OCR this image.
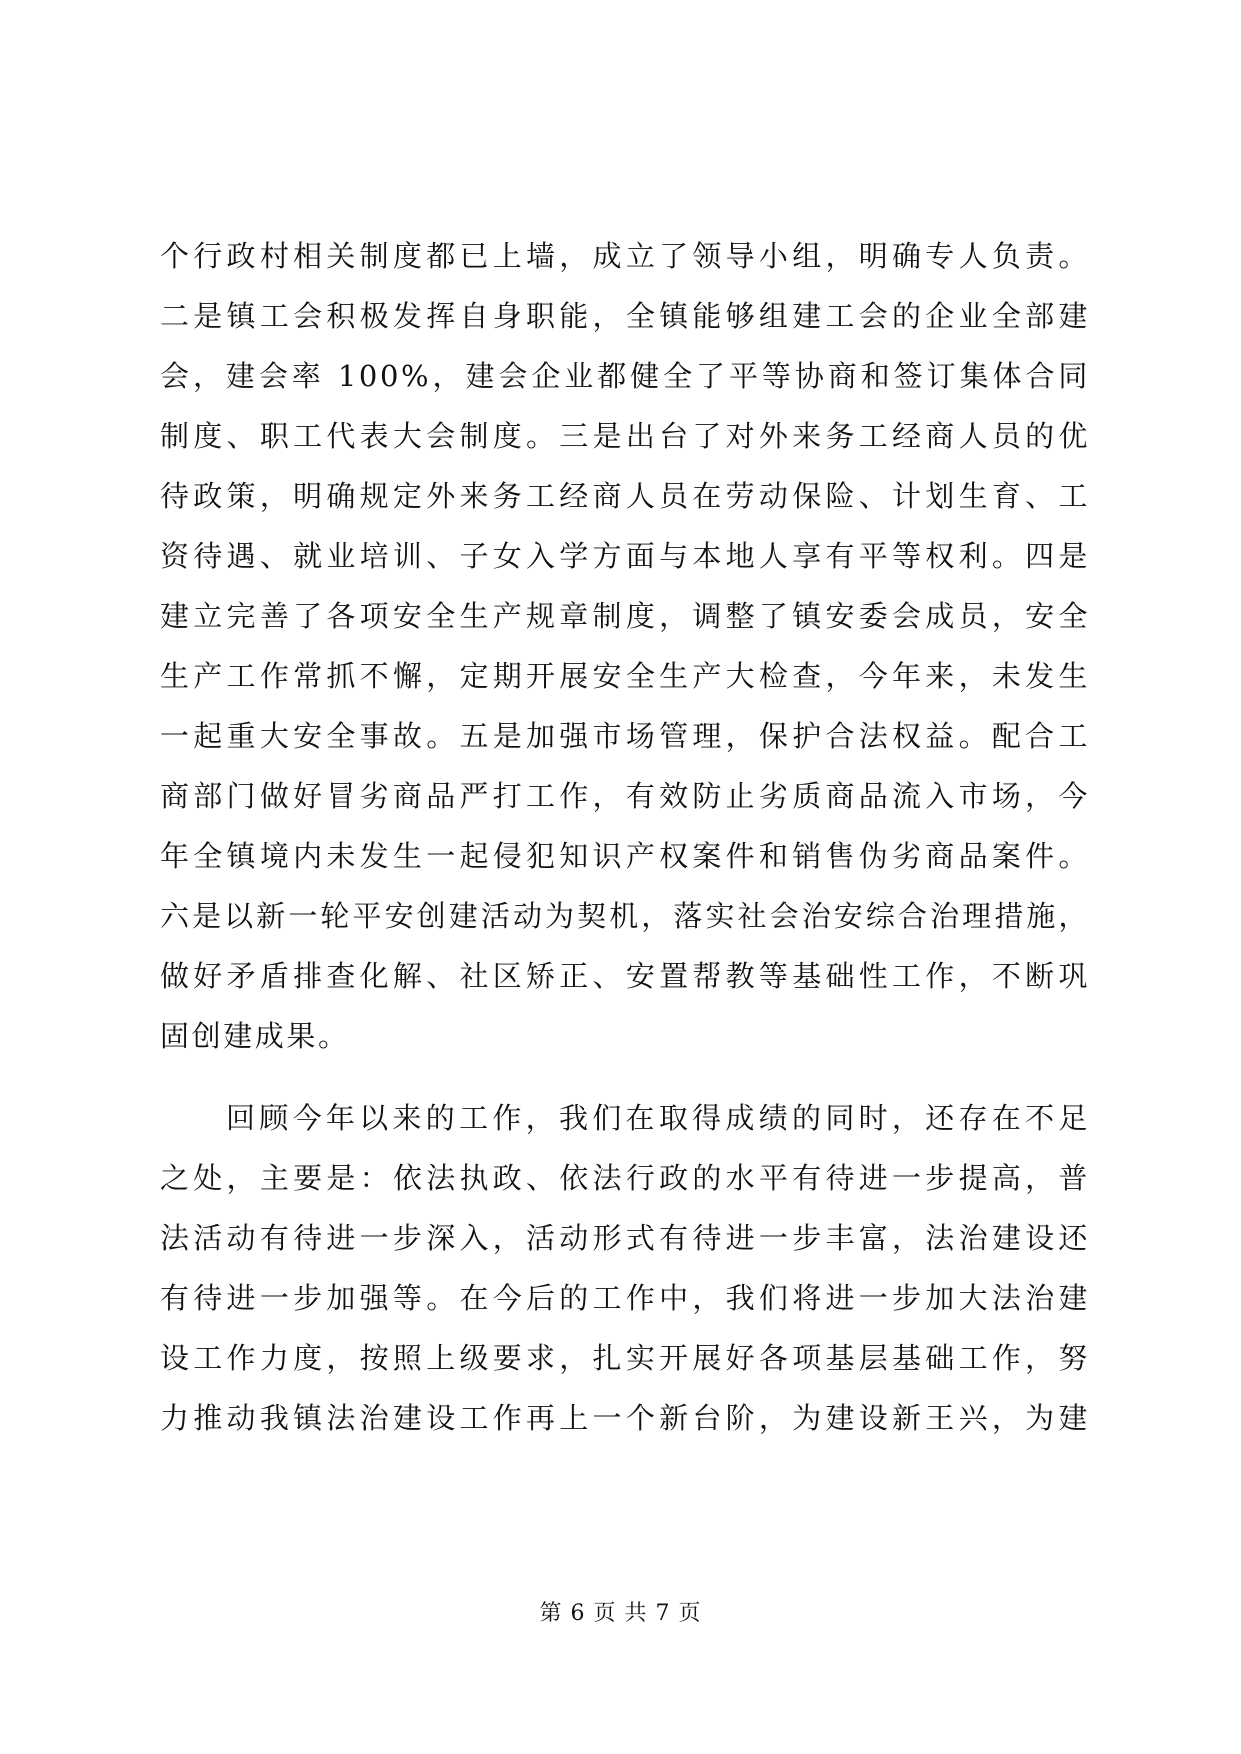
个行政村相关制度都已上墙，成立了领导小组，明确专人负责。
二是镇工会积极发挥自身职能，全镇能够组建工会的企业全部建
会，建会率 100%，建会企业都健全了平等协商和签订集体合同
制度、职工代表大会制度。三是出台了对外来务工经商人员的优
待政策，明确规定外来务工经商人员在劳动保险、计划生育、工
资待遇、就业培训、子女入学方面与本地人享有平等权利。四是
建立完善了各项安全生产规章制度，调整了镇安委会成员，安全
生产工作常抓不懈，定期开展安全生产大检查，今年来，未发生
一起重大安全事故。五是加强市场管理，保护合法权益。配合工
商部门做好冒劣商品严打工作，有效防止劣质商品流入市场，今
年全镇境内未发生一起侵犯知识产权案件和销售伪劣商品案件。
六是以新一轮平安创建活动为契机，落实社会治安综合治理措施，
做好矛盾排查化解、社区矫正、安置帮教等基础性工作，不断巩
固创建成果。
回顾今年以来的工作，我们在取得成绩的同时，还存在不足
之处，主要是：依法执政、依法行政的水平有待进一步提高，普
法活动有待进一步深入，活动形式有待进一步丰富，法治建设还
有待进一步加强等。在今后的工作中，我们将进一步加大法治建
设工作力度，按照上级要求，扎实开展好各项基层基础工作，努
力推动我镇法治建设工作再上一个新台阶，为建设新王兴，为建
第 6 页 共 7 页
